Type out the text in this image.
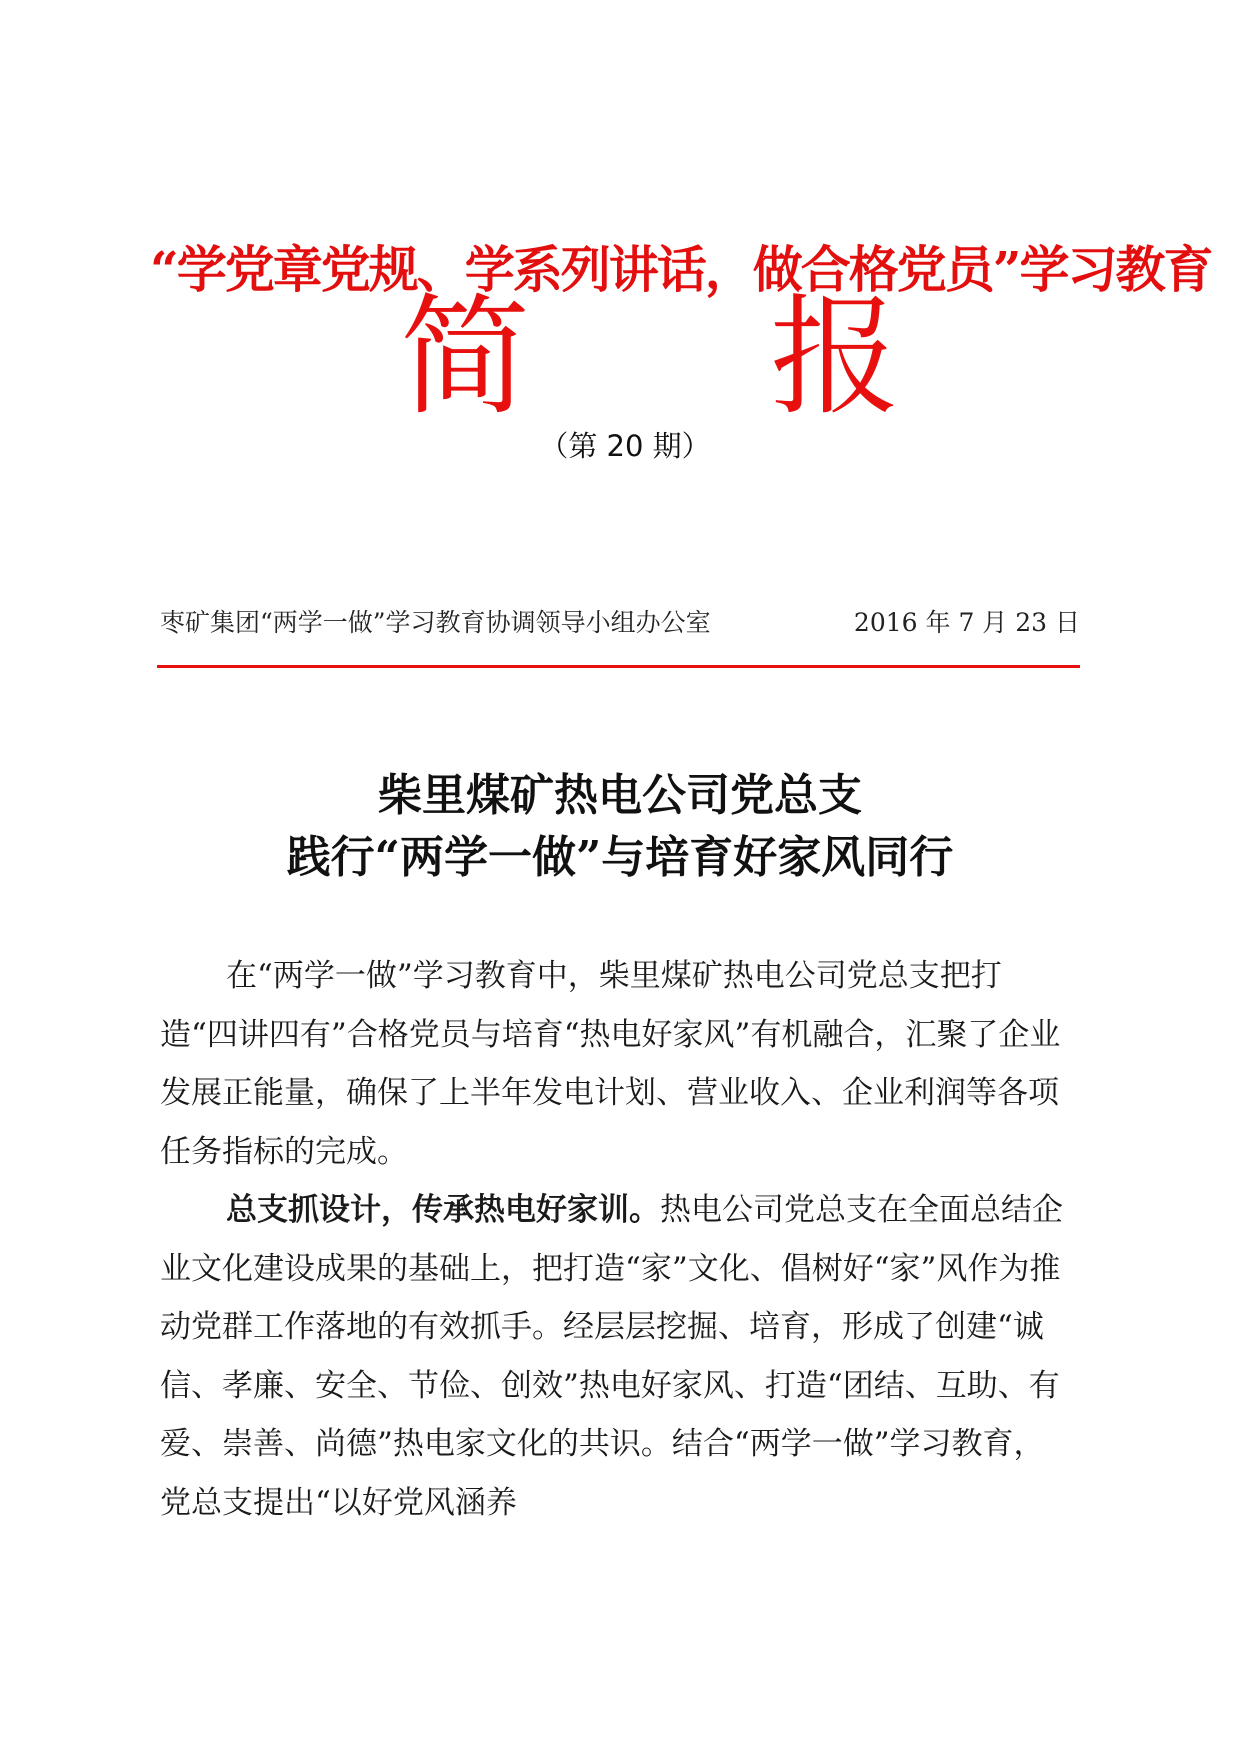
“学党章党规、学系列讲话，做合格党员”学习教育
简 报
（第 20 期）
枣矿集团“两学一做”学习教育协调领导小组办公室	2016 年 7 月 23 日
柴里煤矿热电公司党总支
践行“两学一做”与培育好家风同行
在“两学一做”学习教育中，柴里煤矿热电公司党总支把打造“四讲四有”合格党员与培育“热电好家风”有机融合，汇聚了企业发展正能量，确保了上半年发电计划、营业收入、企业利润等各项任务指标的完成。
总支抓设计，传承热电好家训。热电公司党总支在全面总结企业文化建设成果的基础上，把打造“家”文化、倡树好“家”风作为推动党群工作落地的有效抓手。经层层挖掘、培育，形成了创建“诚信、孝廉、安全、节俭、创效”热电好家风、打造“团结、互助、有爱、崇善、尚德”热电家文化的共识。结合“两学一做”学习教育，党总支提出“以好党风涵养
